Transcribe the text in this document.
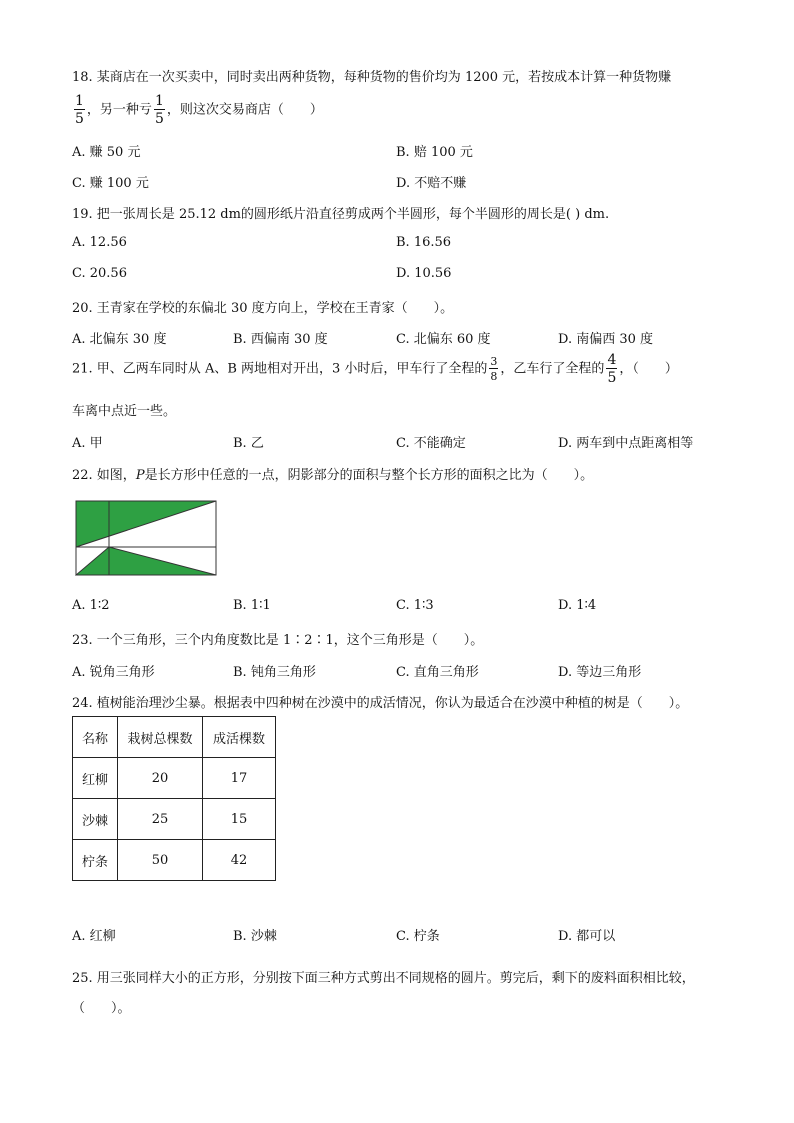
18. 某商店在一次买卖中，同时卖出两种货物，每种货物的售价均为 1200 元，若按成本计算一种货物赚
$\frac{1}{5}$ ，另一种亏 $\frac{1}{5}$ ，则这次交易商店（　　）
A. 赚 50 元	B. 赔 100 元
C. 赚 100 元	D. 不赔不赚
19. 把一张周长是 25.12 dm的圆形纸片沿直径剪成两个半圆形，每个半圆形的周长是( ) dm.
A. 12.56	B. 16.56
C. 20.56	D. 10.56
20. 王青家在学校的东偏北 30 度方向上，学校在王青家（　　）。
A. 北偏东 30 度	B. 西偏南 30 度	C. 北偏东 60 度	D. 南偏西 30 度
21. 甲、乙两车同时从 A、B 两地相对开出，3 小时后，甲车行了全程的 $\frac{3}{8}$ ，乙车行了全程的 $\frac{4}{5}$ ，（　　）
车离中点近一些。
A. 甲	B. 乙	C. 不能确定	D. 两车到中点距离相等
22. 如图，P是长方形中任意的一点，阴影部分的面积与整个长方形的面积之比为（　　）。
A. 1∶2	B. 1∶1	C. 1∶3	D. 1∶4
23. 一个三角形，三个内角度数比是 1∶2∶1，这个三角形是（　　）。
A. 锐角三角形	B. 钝角三角形	C. 直角三角形	D. 等边三角形
24. 植树能治理沙尘暴。根据表中四种树在沙漠中的成活情况，你认为最适合在沙漠中种植的树是（　　）。
名称	栽树总棵数	成活棵数
红柳	20	17
沙棘	25	15
柠条	50	42
A. 红柳	B. 沙棘	C. 柠条	D. 都可以
25. 用三张同样大小的正方形，分别按下面三种方式剪出不同规格的圆片。剪完后，剩下的废料面积相比较，
（　　）。
